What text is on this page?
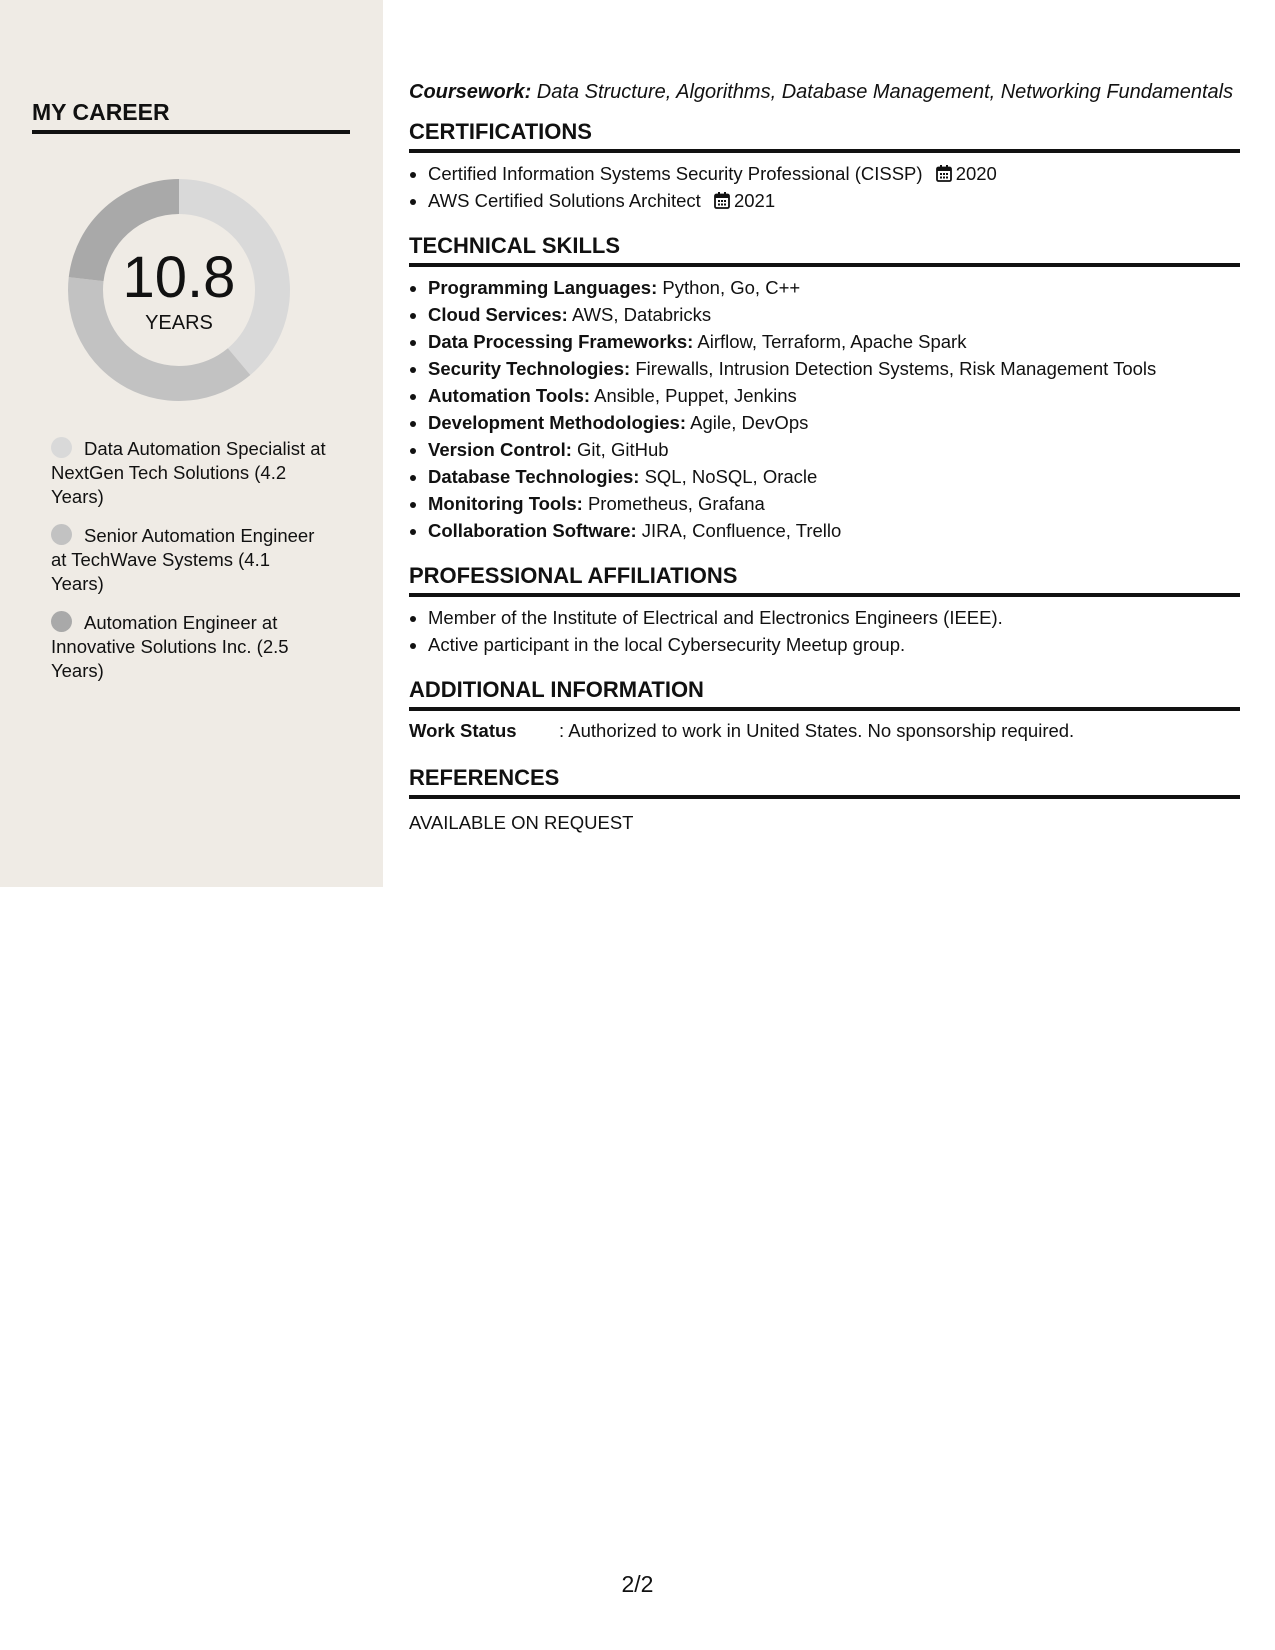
MY CAREER
10.8
YEARS
Data Automation Specialist at NextGen Tech Solutions (4.2 Years)
Senior Automation Engineer at TechWave Systems (4.1 Years)
Automation Engineer at Innovative Solutions Inc. (2.5 Years)

Coursework: Data Structure, Algorithms, Database Management, Networking Fundamentals

CERTIFICATIONS
• Certified Information Systems Security Professional (CISSP) 2020
• AWS Certified Solutions Architect 2021
TECHNICAL SKILLS
• Programming Languages: Python, Go, C++
• Cloud Services: AWS, Databricks
• Data Processing Frameworks: Airflow, Terraform, Apache Spark
• Security Technologies: Firewalls, Intrusion Detection Systems, Risk Management Tools
• Automation Tools: Ansible, Puppet, Jenkins
• Development Methodologies: Agile, DevOps
• Version Control: Git, GitHub
• Database Technologies: SQL, NoSQL, Oracle
• Monitoring Tools: Prometheus, Grafana
• Collaboration Software: JIRA, Confluence, Trello
PROFESSIONAL AFFILIATIONS
• Member of the Institute of Electrical and Electronics Engineers (IEEE).
• Active participant in the local Cybersecurity Meetup group.
ADDITIONAL INFORMATION
Work Status	: Authorized to work in United States. No sponsorship required.
REFERENCES

AVAILABLE ON REQUEST

2/2
